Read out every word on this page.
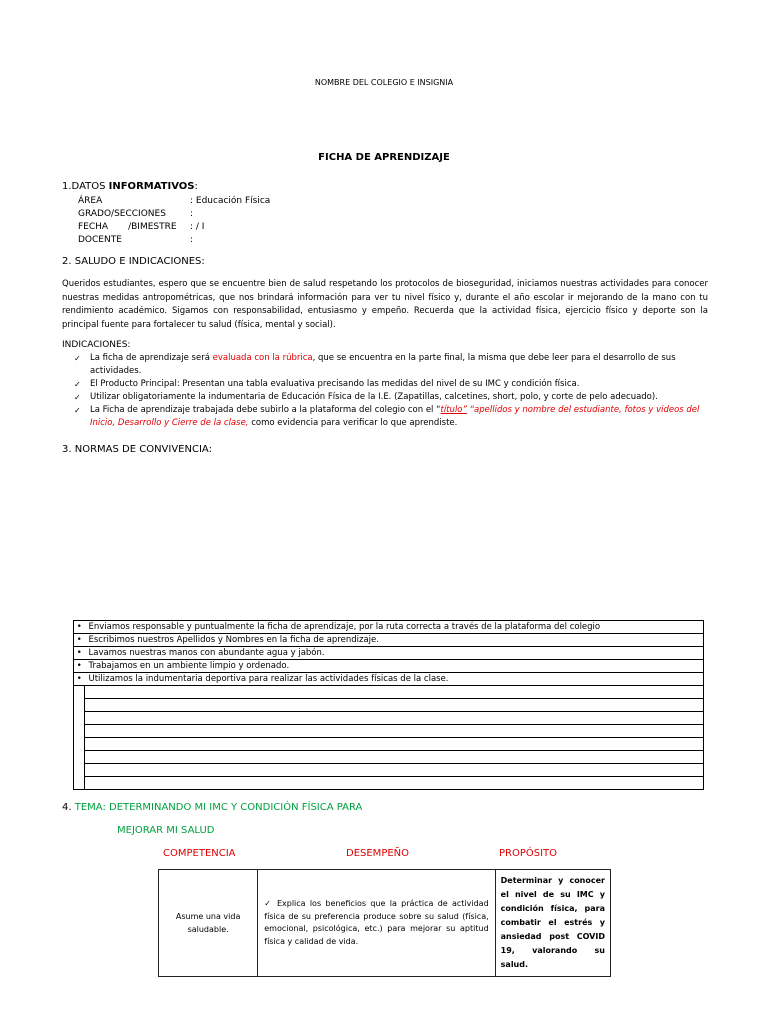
NOMBRE DEL COLEGIO E INSIGNIA
FICHA DE APRENDIZAJE
1.DATOS INFORMATIVOS:
ÁREA	: Educación Física
GRADO/SECCIONES	:
FECHA       /BIMESTRE : / I
DOCENTE	:
2. SALUDO E INDICACIONES:
Queridos estudiantes, espero que se encuentre bien de salud respetando los protocolos de bioseguridad, iniciamos nuestras actividades para conocer nuestras medidas antropométricas, que nos brindará información para ver tu nivel físico y, durante el año escolar ir mejorando de la mano con tu rendimiento académico. Sigamos con responsabilidad, entusiasmo y empeño. Recuerda que la actividad física, ejercicio físico y deporte son la principal fuente para fortalecer tu salud (física, mental y social).
INDICACIONES:
✓ La ficha de aprendizaje será evaluada con la rúbrica, que se encuentra en la parte final, la misma que debe leer para el desarrollo de sus actividades.
✓ El Producto Principal: Presentan una tabla evaluativa precisando las medidas del nivel de su IMC y condición física.
✓ Utilizar obligatoriamente la indumentaria de Educación Física de la I.E. (Zapatillas, calcetines, short, polo, y corte de pelo adecuado).
✓ La Ficha de aprendizaje trabajada debe subirlo a la plataforma del colegio con el “título” “apellidos y nombre del estudiante, fotos y videos del Inicio, Desarrollo y Cierre de la clase, como evidencia para verificar lo que aprendiste.
3. NORMAS DE CONVIVENCIA:
•	Enviamos responsable y puntualmente la ficha de aprendizaje, por la ruta correcta a través de la plataforma del colegio
•	Escribimos nuestros Apellidos y Nombres en la ficha de aprendizaje.
•	Lavamos nuestras manos con abundante agua y jabón.
•	Trabajamos en un ambiente limpio y ordenado.
•	Utilizamos la indumentaria deportiva para realizar las actividades físicas de la clase.

4. TEMA: DETERMINANDO MI IMC Y CONDICIÓN FÍSICA PARA
MEJORAR MI SALUD
COMPETENCIA	DESEMPEÑO	PROPÓSITO
Asume una vida saludable.	✓ Explica los beneficios que la práctica de actividad física de su preferencia produce sobre su salud (física, emocional, psicológica, etc.) para mejorar su aptitud física y calidad de vida.	Determinar y conocer el nivel de su IMC y condición física, para combatir el estrés y ansiedad post COVID 19, valorando su salud.
